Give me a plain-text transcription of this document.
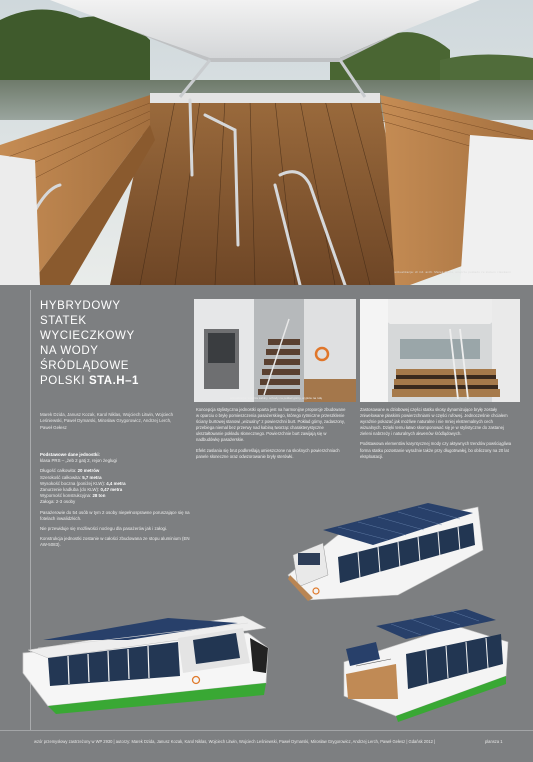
wizualizacja: dr inż. arch. Marek Dzida, wnętrze pokładu ze stołem i ławkami
HYBRYDOWY
STATEK
WYCIECZKOWY
NA WODY
ŚRÓDLĄDOWE
POLSKI STA.H–1
Marek Dzida, Janusz Kozak, Karol Niklas, Wojciech Litwin, Wojciech Leśniewski, Paweł Dymarski, Mirosław Grygorowicz, Andrzej Lerch, Paweł Gełesz

Podstawowe dane jednostki:
klasa PRS – „żeb 2 gatj 2, rejon żeglugi

Długość całkowita: 20 metrów
Szerokość całkowita: 5,7 metra
Wysokość boczna (poniżej KLW): 4,4 metra
Zanurzenie kadłuba (do KLW): 0,47 metra
Wyporność konstrukcyjna: 28 ton
Załoga: 2-3 osoby

Pasażerowie do 54 osób w tym 2 osoby niepełnosprawne poruszające się na fotelach inwalidzkich.

Nie przewiduje się możliwości noclegu dla pasażerów jak i załogi.

Konstrukcja jednostki zostanie w całości zbudowana ze stopu aluminium (EN AW-5083).

wizualizacja: wnętrze kabiny, schody na pokład górny, wyjście na rufę

Koncepcja stylistyczna jednostki oparta jest na harmonijne proporcje zbudowane w oparciu o bryłę pomieszczenia pasażerskiego, którego rytmiczne przeszklenie ściany burtowej stanowi „wizualny” z powierzchni burt. Pokład górny, zadaszony, przebiega niemal bez przerwy nad kabiną tworząc charakterystyczne ukształtowanie pokładu słonecznego. Powierzchnie burt zawijają się w nadbudówkę pasażerskie.

Efekt zaslania się brut podkreślają umieszczone na skośnych powierzchniach panele słoneczne oraz odwzorowanie bryły sterówki.

Zastosowane w dziobowej części statku skosy dynamizujące bryłę zostały zniwelowane płaskimi powierzchniami w części rufowej. Jednocześnie chciałem wyraźnie pokazać jak możliwe naturalne i nie mniej ekstremalnych cech wizualnych. Dzięki temu łatwo skomponować się je w stylistyczne do zastanej zieleni nabrzeży i naturalnych akwenów śródlądowych.

Podstawowa elementów karyntycznej mody czy aktywnych trendów powściągliwa forma statku pozostanie wyraźnie także przy długotrwałej, bo obliczony na 20 lat eksploatacji.

wzór przemysłowy zastrzeżony w WP 2930 | autorzy: Marek Dzida, Janusz Kozak, Karol Niklas, Wojciech Litwin, Wojciech Leśniewski, Paweł Dymarski, Mirosław Grygorowicz, Andrzej Lerch, Paweł Gełesz | Gdańsk 2012 |	plansza 1
